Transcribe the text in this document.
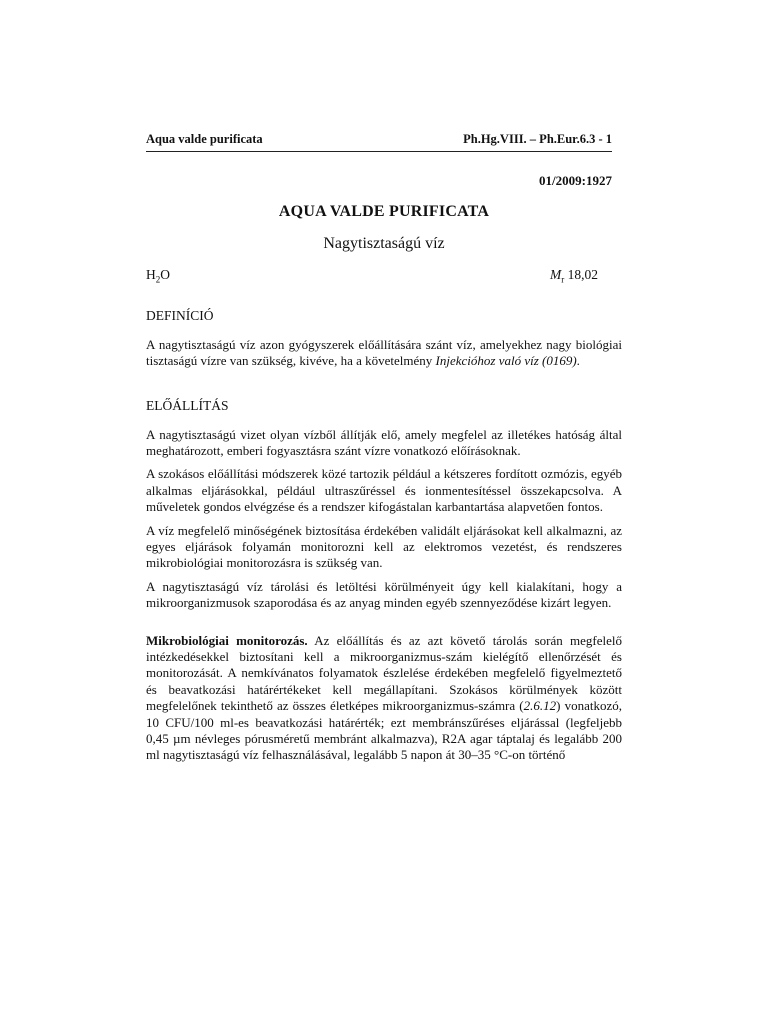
Aqua valde purificata	Ph.Hg.VIII. – Ph.Eur.6.3 - 1
01/2009:1927
AQUA VALDE PURIFICATA
Nagytisztaságú víz
$H_2O$	$M_r$ 18,02
DEFINÍCIÓ

A nagytisztaságú víz azon gyógyszerek előállítására szánt víz, amelyekhez nagy biológiai tisztaságú vízre van szükség, kivéve, ha a követelmény Injekcióhoz való víz (0169).

ELŐÁLLÍTÁS

A nagytisztaságú vizet olyan vízből állítják elő, amely megfelel az illetékes hatóság által meghatározott, emberi fogyasztásra szánt vízre vonatkozó előírásoknak.

A szokásos előállítási módszerek közé tartozik például a kétszeres fordított ozmózis, egyéb alkalmas eljárásokkal, például ultraszűréssel és ionmentesítéssel összekapcsolva. A műveletek gondos elvégzése és a rendszer kifogástalan karbantartása alapvetően fontos.

A víz megfelelő minőségének biztosítása érdekében validált eljárásokat kell alkalmazni, az egyes eljárások folyamán monitorozni kell az elektromos vezetést, és rendszeres mikrobiológiai monitorozásra is szükség van.

A nagytisztaságú víz tárolási és letöltési körülményeit úgy kell kialakítani, hogy a mikroorganizmusok szaporodása és az anyag minden egyéb szennyeződése kizárt legyen.

Mikrobiológiai monitorozás. Az előállítás és az azt követő tárolás során megfelelő intézkedésekkel biztosítani kell a mikroorganizmus-szám kielégítő ellenőrzését és monitorozását. A nemkívánatos folyamatok észlelése érdekében megfelelő figyelmeztető és beavatkozási határértékeket kell megállapítani. Szokásos körülmények között megfelelőnek tekinthető az összes életképes mikroorganizmus-számra (2.6.12) vonatkozó, 10 CFU/100 ml-es beavatkozási határérték; ezt membránszűréses eljárással (legfeljebb 0,45 µm névleges pórusméretű membránt alkalmazva), R2A agar táptalaj és legalább 200 ml nagytisztaságú víz felhasználásával, legalább 5 napon át 30–35 °C-on történő
